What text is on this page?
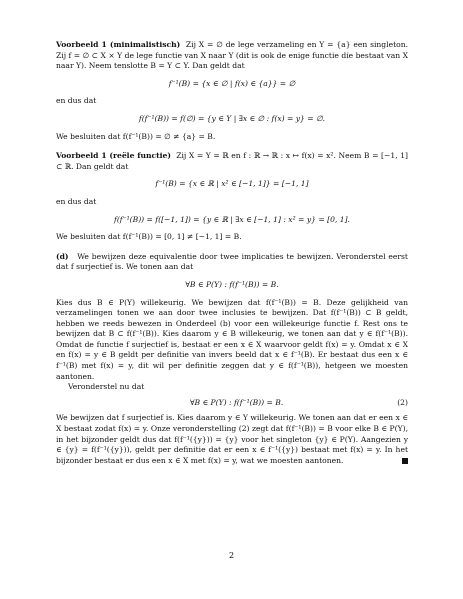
Voorbeeld 1 (minimalistisch) Zij X = ∅ de lege verzameling en Y = {a} een singleton. Zij f = ∅ ⊂ X × Y de lege functie van X naar Y (dit is ook de enige functie die bestaat van X naar Y). Neem tenslotte B = Y ⊂ Y. Dan geldt dat

f⁻¹(B) = {x ∈ ∅ | f(x) ∈ {a}} = ∅

en dus dat

f(f⁻¹(B)) = f(∅) = {y ∈ Y | ∃x ∈ ∅ : f(x) = y} = ∅.

We besluiten dat f(f⁻¹(B)) = ∅ ≠ {a} = B.

Voorbeeld 1 (reële functie) Zij X = Y = ℝ en f : ℝ → ℝ : x ↦ f(x) = x². Neem B = [−1, 1] ⊂ ℝ. Dan geldt dat

f⁻¹(B) = {x ∈ ℝ | x² ∈ [−1, 1]} = [−1, 1]

en dus dat

f(f⁻¹(B)) = f([−1, 1]) = {y ∈ ℝ | ∃x ∈ [−1, 1] : x² = y} = [0, 1].

We besluiten dat f(f⁻¹(B)) = [0, 1] ≠ [−1, 1] = B.

(d) We bewijzen deze equivalentie door twee implicaties te bewijzen. Veronderstel eerst dat f surjectief is. We tonen aan dat

∀B ∈ P(Y) : f(f⁻¹(B)) = B.

Kies dus B ∈ P(Y) willekeurig. We bewijzen dat f(f⁻¹(B)) = B. Deze gelijkheid van verzamelingen tonen we aan door twee inclusies te bewijzen. Dat f(f⁻¹(B)) ⊂ B geldt, hebben we reeds bewezen in Onderdeel (b) voor een willekeurige functie f. Rest ons te bewijzen dat B ⊂ f(f⁻¹(B)). Kies daarom y ∈ B willekeurig, we tonen aan dat y ∈ f(f⁻¹(B)). Omdat de functie f surjectief is, bestaat er een x ∈ X waarvoor geldt f(x) = y. Omdat x ∈ X en f(x) = y ∈ B geldt per definitie van invers beeld dat x ∈ f⁻¹(B). Er bestaat dus een x ∈ f⁻¹(B) met f(x) = y, dit wil per definitie zeggen dat y ∈ f(f⁻¹(B)), hetgeen we moesten aantonen.

Veronderstel nu dat

∀B ∈ P(Y) : f(f⁻¹(B)) = B.	(2)

We bewijzen dat f surjectief is. Kies daarom y ∈ Y willekeurig. We tonen aan dat er een x ∈ X bestaat zodat f(x) = y. Onze veronderstelling (2) zegt dat f(f⁻¹(B)) = B voor elke B ∈ P(Y), in het bijzonder geldt dus dat f(f⁻¹({y})) = {y} voor het singleton {y} ∈ P(Y). Aangezien y ∈ {y} = f(f⁻¹({y})), geldt per definitie dat er een x ∈ f⁻¹({y}) bestaat met f(x) = y. In het bijzonder bestaat er dus een x ∈ X met f(x) = y, wat we moesten aantonen.

2
